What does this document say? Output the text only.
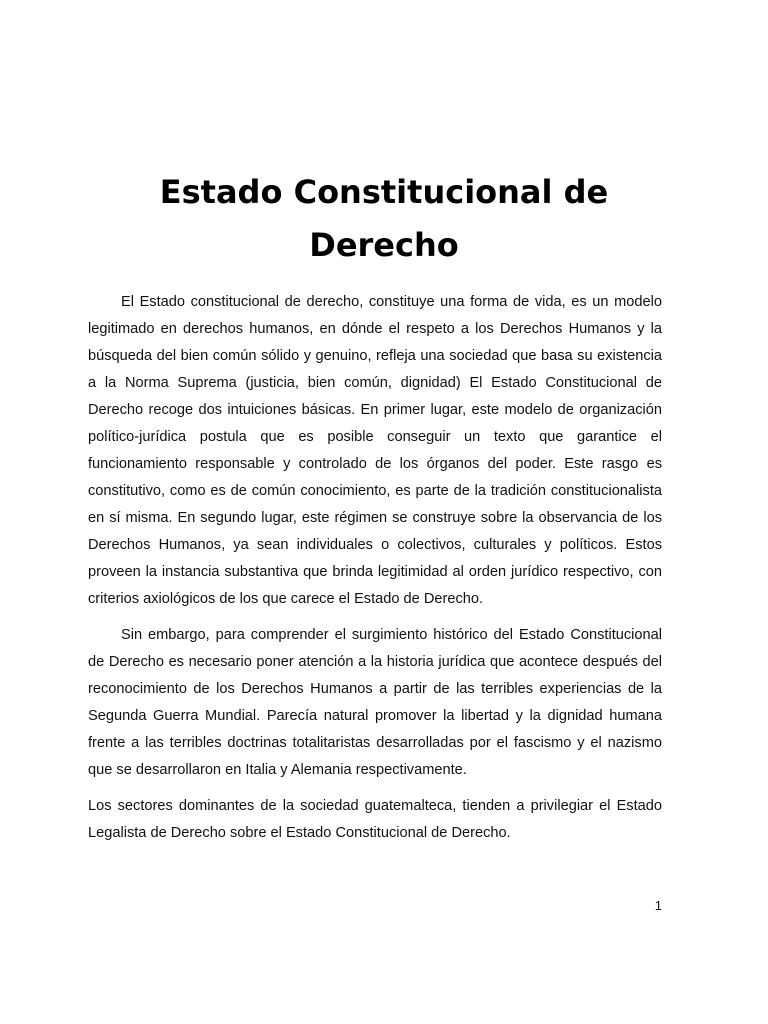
Estado Constitucional de Derecho

El Estado constitucional de derecho, constituye una forma de vida, es un modelo legitimado en derechos humanos, en dónde el respeto a los Derechos Humanos y la búsqueda del bien común sólido y genuino, refleja una sociedad que basa su existencia a la Norma Suprema (justicia, bien común, dignidad) El Estado Constitucional de Derecho recoge dos intuiciones básicas. En primer lugar, este modelo de organización político-jurídica postula que es posible conseguir un texto que garantice el funcionamiento responsable y controlado de los órganos del poder. Este rasgo es constitutivo, como es de común conocimiento, es parte de la tradición constitucionalista en sí misma. En segundo lugar, este régimen se construye sobre la observancia de los Derechos Humanos, ya sean individuales o colectivos, culturales y políticos. Estos proveen la instancia substantiva que brinda legitimidad al orden jurídico respectivo, con criterios axiológicos de los que carece el Estado de Derecho.

Sin embargo, para comprender el surgimiento histórico del Estado Constitucional de Derecho es necesario poner atención a la historia jurídica que acontece después del reconocimiento de los Derechos Humanos a partir de las terribles experiencias de la Segunda Guerra Mundial. Parecía natural promover la libertad y la dignidad humana frente a las terribles doctrinas totalitaristas desarrolladas por el fascismo y el nazismo que se desarrollaron en Italia y Alemania respectivamente.

Los sectores dominantes de la sociedad guatemalteca, tienden a privilegiar el Estado Legalista de Derecho sobre el Estado Constitucional de Derecho.

1
